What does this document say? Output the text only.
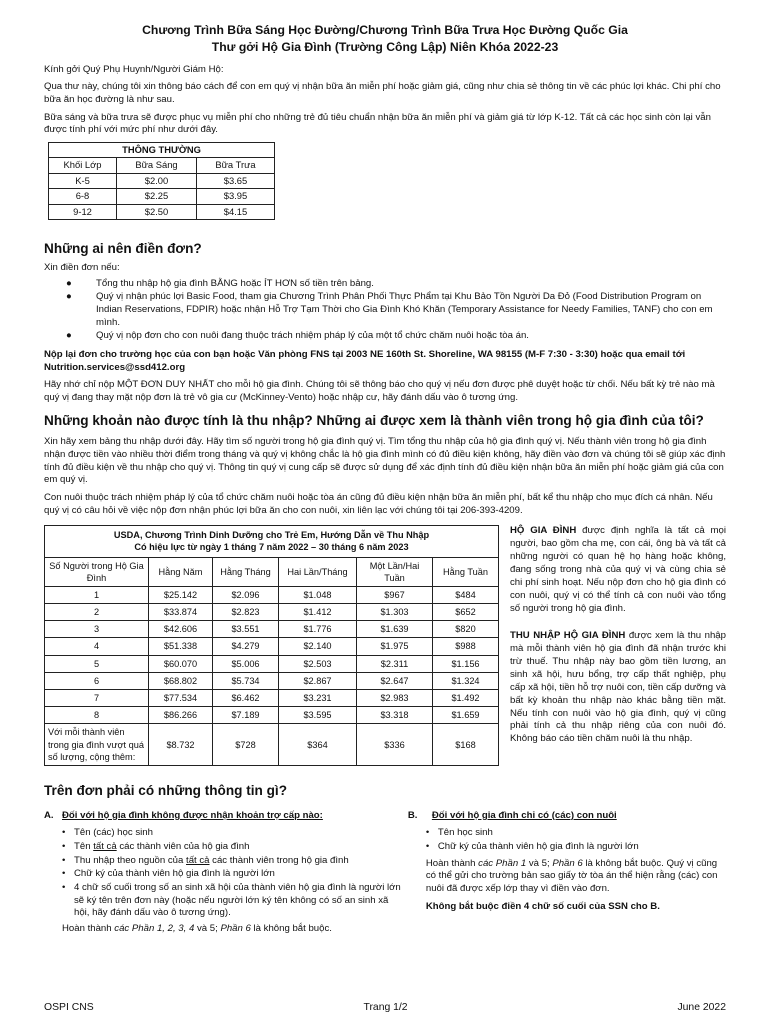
Chương Trình Bữa Sáng Học Đường/Chương Trình Bữa Trưa Học Đường Quốc Gia
Thư gởi Hộ Gia Đình (Trường Công Lập) Niên Khóa 2022-23

Kính gởi Quý Phụ Huynh/Người Giám Hộ:

Qua thư này, chúng tôi xin thông báo cách để con em quý vị nhận bữa ăn miễn phí hoặc giảm giá, cũng như chia sẻ thông tin về các phúc lợi khác. Chi phí cho bữa ăn học đường là như sau.

Bữa sáng và bữa trưa sẽ được phục vụ miễn phí cho những trẻ đủ tiêu chuẩn nhận bữa ăn miễn phí và giảm giá từ lớp K-12. Tất cả các học sinh còn lại vẫn được tính phí với mức phí như dưới đây.

THÔNG THƯỜNG		
Khối Lớp	Bữa Sáng	Bữa Trưa
K-5	$2.00	$3.65
6-8	$2.25	$3.95
9-12	$2.50	$4.15
Những ai nên điền đơn?

Xin điền đơn nếu:

●	Tổng thu nhập hộ gia đình BẰNG hoặc ÍT HƠN số tiền trên bảng.
●	Quý vị nhận phúc lợi Basic Food, tham gia Chương Trình Phân Phối Thực Phẩm tại Khu Bảo Tồn Người Da Đỏ (Food Distribution Program on Indian Reservations, FDPIR) hoặc nhận Hỗ Trợ Tạm Thời cho Gia Đình Khó Khăn (Temporary Assistance for Needy Families, TANF) cho con em mình.
●	Quý vị nộp đơn cho con nuôi đang thuộc trách nhiệm pháp lý của một tổ chức chăm nuôi hoặc tòa án.

Nộp lại đơn cho trường học của con bạn hoặc Văn phòng FNS tại 2003 NE 160th St. Shoreline, WA 98155 (M-F 7:30 - 3:30) hoặc qua email tới Nutrition.services@ssd412.org

Hãy nhớ chỉ nộp MỘT ĐƠN DUY NHẤT cho mỗi hộ gia đình. Chúng tôi sẽ thông báo cho quý vị nếu đơn được phê duyệt hoặc từ chối. Nếu bất kỳ trẻ nào mà quý vị đang thay mặt nộp đơn là trẻ vô gia cư (McKinney-Vento) hoặc nhập cư, hãy đánh dấu vào ô tương ứng.

Những khoản nào được tính là thu nhập? Những ai được xem là thành viên trong hộ gia đình của tôi?

Xin hãy xem bảng thu nhập dưới đây. Hãy tìm số người trong hộ gia đình quý vị. Tìm tổng thu nhập của hộ gia đình quý vị. Nếu thành viên trong hộ gia đình nhận được tiền vào nhiều thời điểm trong tháng và quý vị không chắc là hộ gia đình mình có đủ điều kiện không, hãy điền vào đơn và chúng tôi sẽ giúp xác định tính đủ điều kiện về thu nhập cho quý vị. Thông tin quý vị cung cấp sẽ được sử dụng để xác định tính đủ điều kiện nhận bữa ăn miễn phí hoặc giảm giá của con em quý vị.

Con nuôi thuộc trách nhiệm pháp lý của tổ chức chăm nuôi hoặc tòa án cũng đủ điều kiện nhận bữa ăn miễn phí, bất kể thu nhập cho mục đích cá nhân. Nếu quý vị có câu hỏi về việc nộp đơn nhận phúc lợi bữa ăn cho con nuôi, xin liên lạc với chúng tôi tại 206-393-4209.

USDA, Chương Trình Dinh Dưỡng cho Trẻ Em, Hướng Dẫn về Thu Nhập
Có hiệu lực từ ngày 1 tháng 7 năm 2022 – 30 tháng 6 năm 2023					

Số Người trong Hộ Gia Đình	Hằng Năm	Hằng Tháng	Hai Lần/Tháng	Một Lần/Hai Tuần	Hằng Tuần
1	$25.142	$2.096	$1.048	$967	$484
2	$33.874	$2.823	$1.412	$1.303	$652
3	$42.606	$3.551	$1.776	$1.639	$820
4	$51.338	$4.279	$2.140	$1.975	$988
5	$60.070	$5.006	$2.503	$2.311	$1.156
6	$68.802	$5.734	$2.867	$2.647	$1.324
7	$77.534	$6.462	$3.231	$2.983	$1.492
8	$86.266	$7.189	$3.595	$3.318	$1.659
Với mỗi thành viên trong gia đình vượt quá số lượng, cộng thêm:	$8.732	$728	$364	$336	$168
HỘ GIA ĐÌNH được định nghĩa là tất cả mọi người, bao gồm cha mẹ, con cái, ông bà và tất cả những người có quan hệ họ hàng hoặc không, đang sống trong nhà của quý vị và cùng chia sẻ chi phí sinh hoạt. Nếu nộp đơn cho hộ gia đình có con nuôi, quý vị có thể tính cả con nuôi vào tổng số người trong hộ gia đình.
THU NHẬP HỘ GIA ĐÌNH được xem là thu nhập mà mỗi thành viên hộ gia đình đã nhận trước khi trừ thuế. Thu nhập này bao gồm tiền lương, an sinh xã hội, hưu bổng, trợ cấp thất nghiệp, phụ cấp xã hội, tiền hỗ trợ nuôi con, tiền cấp dưỡng và bất kỳ khoản thu nhập nào khác bằng tiền mặt. Nếu tính con nuôi vào hộ gia đình, quý vị cũng phải tính cả thu nhập riêng của con nuôi đó. Không báo cáo tiền chăm nuôi là thu nhập.
Trên đơn phải có những thông tin gì?
A. Đối với hộ gia đình không được nhận khoản trợ cấp nào:
• Tên (các) học sinh
• Tên tất cả các thành viên của hộ gia đình
• Thu nhập theo nguồn của tất cả các thành viên trong hộ gia đình
• Chữ ký của thành viên hộ gia đình là người lớn
• 4 chữ số cuối trong số an sinh xã hội của thành viên hộ gia đình là người lớn sẽ ký tên trên đơn này (hoặc nếu người lớn ký tên không có số an sinh xã hội, hãy đánh dấu vào ô tương ứng).

Hoàn thành các Phần 1, 2, 3, 4 và 5; Phần 6 là không bắt buộc.

B.	Đối với hộ gia đình chỉ có (các) con nuôi
• Tên học sinh
• Chữ ký của thành viên hộ gia đình là người lớn

Hoàn thành các Phần 1 và 5; Phần 6 là không bắt buộc. Quý vị cũng có thể gửi cho trường bản sao giấy tờ tòa án thể hiện rằng (các) con nuôi đã được xếp lớp thay vì điền vào đơn.

Không bắt buộc điền 4 chữ số cuối của SSN cho B.

OSPI CNS	Trang 1/2	June 2022
